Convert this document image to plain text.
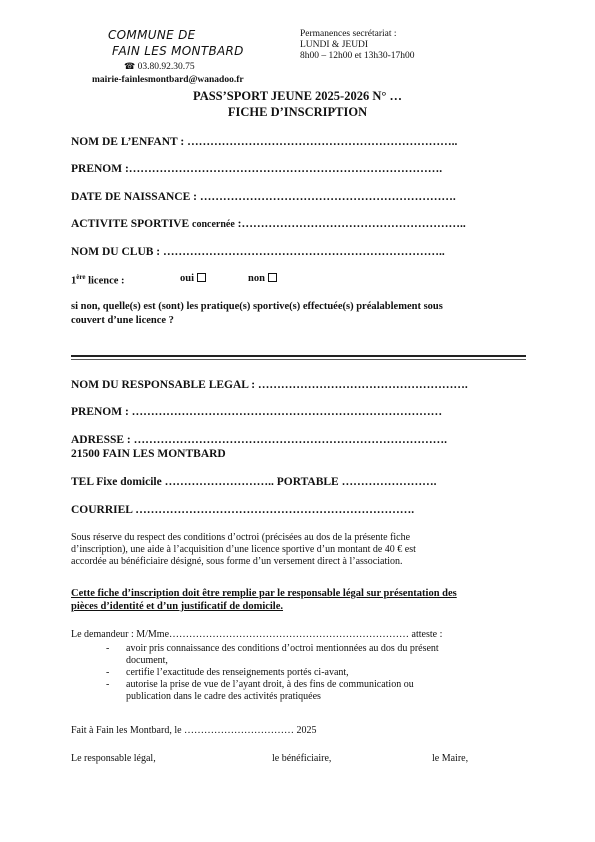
COMMUNE DE
FAIN LES MONTBARD
☎ 03.80.92.30.75
mairie-fainlesmontbard@wanadoo.fr
Permanences secrétariat :
LUNDI & JEUDI
8h00 – 12h00 et 13h30-17h00
PASS’SPORT JEUNE 2025-2026 N° …
FICHE D’INSCRIPTION
NOM DE L’ENFANT : ……………………………………………………………..
PRENOM :……………………………………………………………………….
DATE DE NAISSANCE : ………………………………………………………….
ACTIVITE SPORTIVE concernée :…………………………………………………..
NOM DU CLUB : ………………………………………………………………..
1ère licence :	oui	non
si non, quelle(s) est (sont) les pratique(s) sportive(s) effectuée(s) préalablement sous
couvert d’une licence ?
NOM DU RESPONSABLE LEGAL : ……………………………………………….
PRENOM : ………………………………………………………………………
ADRESSE : ……………………………………………………………………….
21500 FAIN LES MONTBARD
TEL Fixe domicile ……………………….. PORTABLE …………………….
COURRIEL ……………………………………………………………….
Sous réserve du respect des conditions d’octroi (précisées au dos de la présente fiche
d’inscription), une aide à l’acquisition d’une licence sportive d’un montant de 40 € est
accordée au bénéficiaire désigné, sous forme d’un versement direct à l’association.
Cette fiche d’inscription doit être remplie par le responsable légal sur présentation des
pièces d’identité et d’un justificatif de domicile.
Le demandeur : M/Mme……………………………………………………………… atteste :
- avoir pris connaissance des conditions d’octroi mentionnées au dos du présent
document,
- certifie l’exactitude des renseignements portés ci-avant,
- autorise la prise de vue de l’ayant droit, à des fins de communication ou
publication dans le cadre des activités pratiquées
Fait à Fain les Montbard, le …………………………… 2025
Le responsable légal,	le bénéficiaire,	le Maire,
